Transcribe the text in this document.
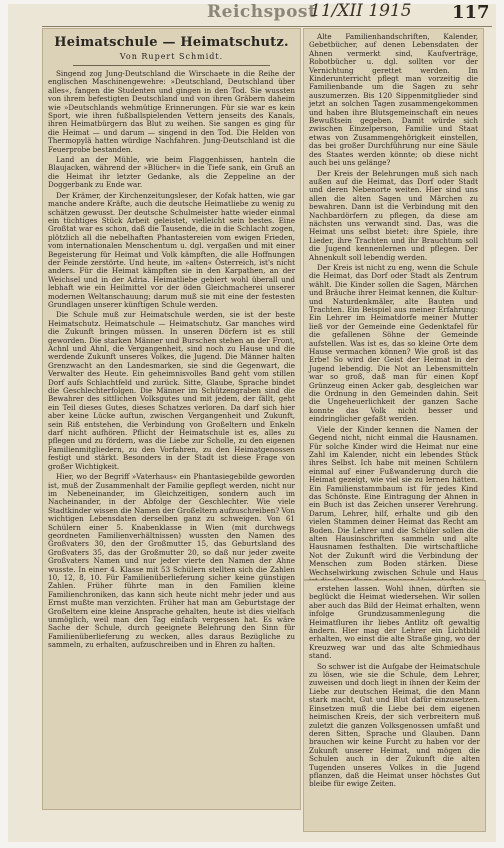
Reichspost
11/XII 1915 117
Heimatschule — Heimatschutz.
Von Rupert Schmidt.

Singend zog Jung-Deutschland die Wirschaete in die Reihe der englischen Maschinengewehre: »Deutschland, Deutschland über alles«, fangen die Studenten und gingen in den Tod. Sie wussten von ihrem befestigten Deutschland und von ihren Gräbern daheim wie »Deutschlands wehmütige Erinnerungen. Für sie war es kein Sport, wie ihren fußballspielenden Vettern jenseits des Kanals, ihren Heimatbürgern das Blut zu weihen. Sie sangen es ging für die Heimat — und darum — singend in den Tod. Die Helden von Thermopylä hatten würdige Nachfahren. Jung-Deutschland ist die Feuerprobe bestanden.

Land an der Mühle, wie beim Flaggenhissen, hanteln die Blaujacken, während der »Blücher« in die Tiefe sank, ein Gruß an die Heimat ihr letzter Gedanke, als die Zeppeline an der Doggerbank zu Ende war.

Der Krämer, der Kirchenzeitungsleser, der Kofak hatten, wie gar manche andere Kräfte, auch die deutsche Heimatliebe zu wenig zu schätzen gewusst. Der deutsche Schulmeister hatte wieder einmal ein tüchtiges Stück Arbeit geleistet, vielleicht sein bestes. Eine Großtat war es schon, daß die Tausende, die in die Schlacht zogen, plötzlich all die nebelhaften Phantastereien vom ewigen Frieden, vom internationalen Menschentum u. dgl. vergaßen und mit einer Begeisterung für Heimat und Volk kämpften, die alle Hoffnungen der Feinde zerstörte. Und heute, im »alten« Österreich, ist's nicht anders. Für die Heimat kämpften sie in den Karpathen, an der Weichsel und in der Adria. Heimatliebe gebiert wohl überall und lebhaft wie ein Heilmittel vor der öden Gleichmacherei unserer modernen Weltanschauung; darum muß sie mit eine der festesten Grundlagen unserer künftigen Schule werden.

Die Schule muß zur Heimatschule werden, sie ist der beste Heimatschutz. Heimatschule — Heimatschutz. Gar manches wird die Zukunft bringen müssen. In unseren Dörfern ist es still geworden. Die starken Männer und Burschen stehen an der Front, Achnl und Ahnl, die Vergangenheit, sind noch zu Hause und die werdende Zukunft unseres Volkes, die Jugend. Die Männer halten Grenzwacht an den Landesmarken, sie sind die Gegenwart, die Verwalter des Heute. Ein geheimnisvolles Band geht vom stillen Dorf aufs Schlachtfeld und zurück. Sitte, Glaube, Sprache bindet die Geschlechterfolgen. Die Männer im Schützengraben sind die Bewahrer des sittlichen Volksgutes und mit jedem, der fällt, geht ein Teil dieses Gutes, dieses Schatzes verloren. Da darf sich hier aber keine Lücke auftun, zwischen Vergangenheit und Zukunft, sein Riß entstehen, die Verbindung von Großeltern und Enkeln darf nicht aufhören. Pflicht der Heimatschule ist es, alles zu pflegen und zu fördern, was die Liebe zur Scholle, zu den eigenen Familienmitgliedern, zu den Vorfahren, zu den Heimatgenossen festigt und stärkt. Besonders in der Stadt ist diese Frage von großer Wichtigkeit.

Hier, wo der Begriff »Vaterhaus« ein Phantasiegebilde geworden ist, muß der Zusammenhalt der Familie gepflegt werden, nicht nur im Nebeneinander, im Gleichzeitigen, sondern auch im Nacheinander, in der Abfolge der Geschlechter. Wie viele Stadtkinder wissen die Namen der Großeltern aufzuschreiben? Von wichtigen Lebensdaten derselben ganz zu schweigen. Von 61 Schülern einer 5. Knabenklasse in Wien (mit durchwegs geordneten Familienverhältnissen) wussten den Namen des Großvaters 30, den der Großmutter 15, das Geburtsland des Großvaters 35, das der Großmutter 20, so daß nur jeder zweite Großvaters Namen und nur jeder vierte den Namen der Ahne wusste. In einer 4. Klasse mit 53 Schülern stellten sich die Zahlen 10, 12, 8, 10. Für Familienüberlieferung sicher keine günstigen Zahlen. Früher führte man in den Familien kleine Familienchroniken, das kann sich heute nicht mehr jeder und aus Ernst mußte man verzichten. Früher hat man am Geburtstage der Großeltern eine kleine Ansprache gehalten, heute ist dies vielfach unmöglich, weil man den Tag einfach vergessen hat. Es wäre Sache der Schule, durch geeignete Belehrung den Sinn für Familienüberlieferung zu wecken, alles daraus Bezügliche zu sammeln, zu erhalten, aufzuschreiben und in Ehren zu halten.

Alte Familienhandschriften, Kalender, Gebetbücher, auf denen Lebensdaten der Ahnen vermerkt sind, Kaufverträge, Robotbücher u. dgl. sollten vor der Vernichtung gerettet werden. Im Kinderunterricht pflegt man vorzeitig die Familienbande um die Sagen zu sehr auszumerzen. Bis 120 Sippenmitglieder sind jetzt an solchen Tagen zusammengekommen und haben ihre Blutsgemeinschaft ein neues Bewußtsein gegeben. Damit würde sich zwischen Einzelperson, Familie und Staat etwas von Zusammengehörigkeit einstellen, das bei großer Durchführung nur eine Säule des Staates werden könnte; ob diese nicht auch bei uns gelänge?

Der Kreis der Belehrungen muß sich nach außen auf die Heimat, das Dorf oder Stadt und deren Nebenorte weiten. Hier sind uns allen die alten Sagen und Märchen zu bewahren. Dann ist die Verbindung mit den Nachbardörfern zu pflegen, da diese am nächsten uns verwandt sind. Das, was die Heimat uns selbst bietet: ihre Spiele, ihre Lieder, ihre Trachten und ihr Brauchtum soll die Jugend kennenlernen und pflegen. Der Ahnenkult soll lebendig werden.

Der Kreis ist nicht zu eng, wenn die Schule die Heimat, das Dorf oder Stadt als Zentrum wählt. Die Kinder sollen die Sagen, Märchen und Bräuche ihrer Heimat kennen, die Kultur- und Naturdenkmäler, alte Bauten und Trachten. Ein Beispiel aus meiner Erfahrung: Ein Lehrer im Heimatdorfe meiner Mutter ließ vor der Gemeinde eine Gedenktafel für die gefallenen Söhne der Gemeinde aufstellen. Was ist es, das so kleine Orte dem Hause vermachen können? Wie groß ist das Erbe! So wird der Geist der Heimat in der Jugend lebendig. Die Not an Lebensmitteln war so groß, daß man für einen Kopf Grünzeug einen Acker gab, desgleichen war die Ordnung in den Gemeinden dahin. Seit die Ungeheuerlichkeit der ganzen Sache konnte das Volk nicht besser und eindringlicher gefaßt werden.

Viele der Kinder kennen die Namen der Gegend nicht, nicht einmal die Hausnamen. Für solche Kinder wird die Heimat nur eine Zahl im Kalender, nicht ein lebendes Stück ihres Selbst. Ich habe mit meinen Schülern einmal auf einer Fußwanderung durch die Heimat gezeigt, wie viel sie zu lernen hätten. Ein Familienstammbaum ist für jedes Kind das Schönste. Eine Eintragung der Ahnen in ein Buch ist das Zeichen unserer Verehrung. Darum, Lehrer, hilf, erhalte und gib den vielen Stammen deiner Heimat das Recht am Boden. Die Lehrer und die Schüler sollen die alten Hausinschriften sammeln und alte Hausnamen festhalten. Die wirtschaftliche Not der Zukunft wird die Verbindung der Menschen zum Boden stärken. Diese Wechselwirkung zwischen Schule und Haus

erstehen lassen. Wohl ihnen, dürften sie beglückt die Heimat wiedersehen. Wir sollen aber auch das Bild der Heimat erhalten, wenn infolge Grundzusammenlegung die Heimatfluren ihr liebes Antlitz oft gewaltig ändern. Hier mag der Lehrer ein Lichtbild erhalten, wo einst die alte Straße ging, wo der Kreuzweg war und das alte Schmiedhaus stand.

So schwer ist die Aufgabe der Heimatschule zu lösen, wie sie die Schule, dem Lehrer, zuweisen und doch liegt in ihnen der Keim der Liebe zur deutschen Heimat, die den Mann stark macht, Gut und Blut dafür einzusetzen. Einsetzen muß die Liebe bei dem eigenen heimischen Kreis, der sich verbreitern muß zuletzt die ganzen Volksgenossen umfaßt und deren Sitten, Sprache und Glauben. Dann brauchen wir keine Furcht zu haben vor der Zukunft unserer Heimat, und mögen die Schulen auch in der Zukunft die alten Tugenden unseres Volkes in die Jugend pflanzen, daß die Heimat unser höchstes Gut bleibe für ewige Zeiten.
